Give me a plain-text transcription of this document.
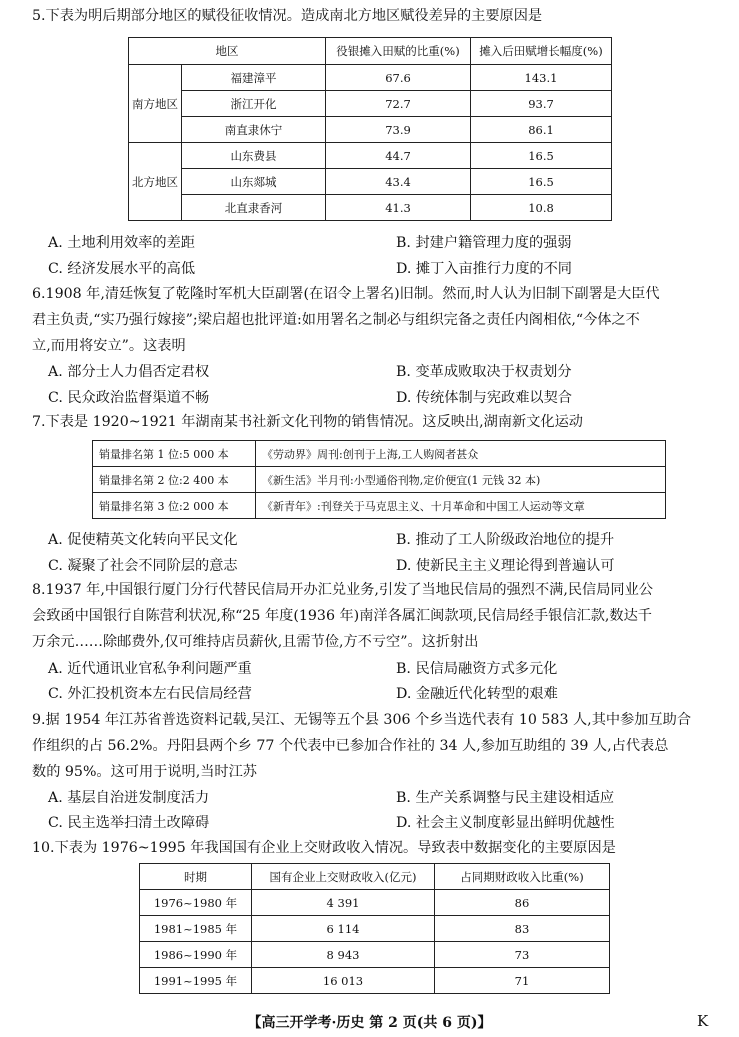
5.下表为明后期部分地区的赋役征收情况。造成南北方地区赋役差异的主要原因是
地区		役银摊入田赋的比重(%)	摊入后田赋增长幅度(%)
南方地区	福建漳平	67.6	143.1
	浙江开化	72.7	93.7
	南直隶休宁	73.9	86.1
北方地区	山东费县	44.7	16.5
	山东郯城	43.4	16.5
	北直隶香河	41.3	10.8
A. 土地利用效率的差距	B. 封建户籍管理力度的强弱
C. 经济发展水平的高低	D. 摊丁入亩推行力度的不同
6.1908 年,清廷恢复了乾隆时军机大臣副署(在诏令上署名)旧制。然而,时人认为旧制下副署是大臣代
君主负责,“实乃强行嫁接”;梁启超也批评道:如用署名之制必与组织完备之责任内阁相依,“今体之不
立,而用将安立”。这表明
A. 部分士人力倡否定君权	B. 变革成败取决于权责划分
C. 民众政治监督渠道不畅	D. 传统体制与宪政难以契合
7.下表是 1920~1921 年湖南某书社新文化刊物的销售情况。这反映出,湖南新文化运动
销量排名第 1 位:5 000 本	《劳动界》周刊:创刊于上海,工人购阅者甚众
销量排名第 2 位:2 400 本	《新生活》半月刊:小型通俗刊物,定价便宜(1 元钱 32 本)
销量排名第 3 位:2 000 本	《新青年》:刊登关于马克思主义、十月革命和中国工人运动等文章
A. 促使精英文化转向平民文化	B. 推动了工人阶级政治地位的提升
C. 凝聚了社会不同阶层的意志	D. 使新民主主义理论得到普遍认可
8.1937 年,中国银行厦门分行代替民信局开办汇兑业务,引发了当地民信局的强烈不满,民信局同业公
会致函中国银行自陈营利状况,称“25 年度(1936 年)南洋各属汇闽款项,民信局经手银信汇款,数达千
万余元……除邮费外,仅可维持店员薪伙,且需节俭,方不亏空”。这折射出
A. 近代通讯业官私争利问题严重	B. 民信局融资方式多元化
C. 外汇投机资本左右民信局经营	D. 金融近代化转型的艰难
9.据 1954 年江苏省普选资料记载,吴江、无锡等五个县 306 个乡当选代表有 10 583 人,其中参加互助合
作组织的占 56.2%。丹阳县两个乡 77 个代表中已参加合作社的 34 人,参加互助组的 39 人,占代表总
数的 95%。这可用于说明,当时江苏
A. 基层自治迸发制度活力	B. 生产关系调整与民主建设相适应
C. 民主选举扫清土改障碍	D. 社会主义制度彰显出鲜明优越性
10.下表为 1976~1995 年我国国有企业上交财政收入情况。导致表中数据变化的主要原因是
时期	国有企业上交财政收入(亿元)	占同期财政收入比重(%)
1976~1980 年	4 391	86
1981~1985 年	6 114	83
1986~1990 年	8 943	73
1991~1995 年	16 013	71
【高三开学考·历史 第 2 页(共 6 页)】	K
